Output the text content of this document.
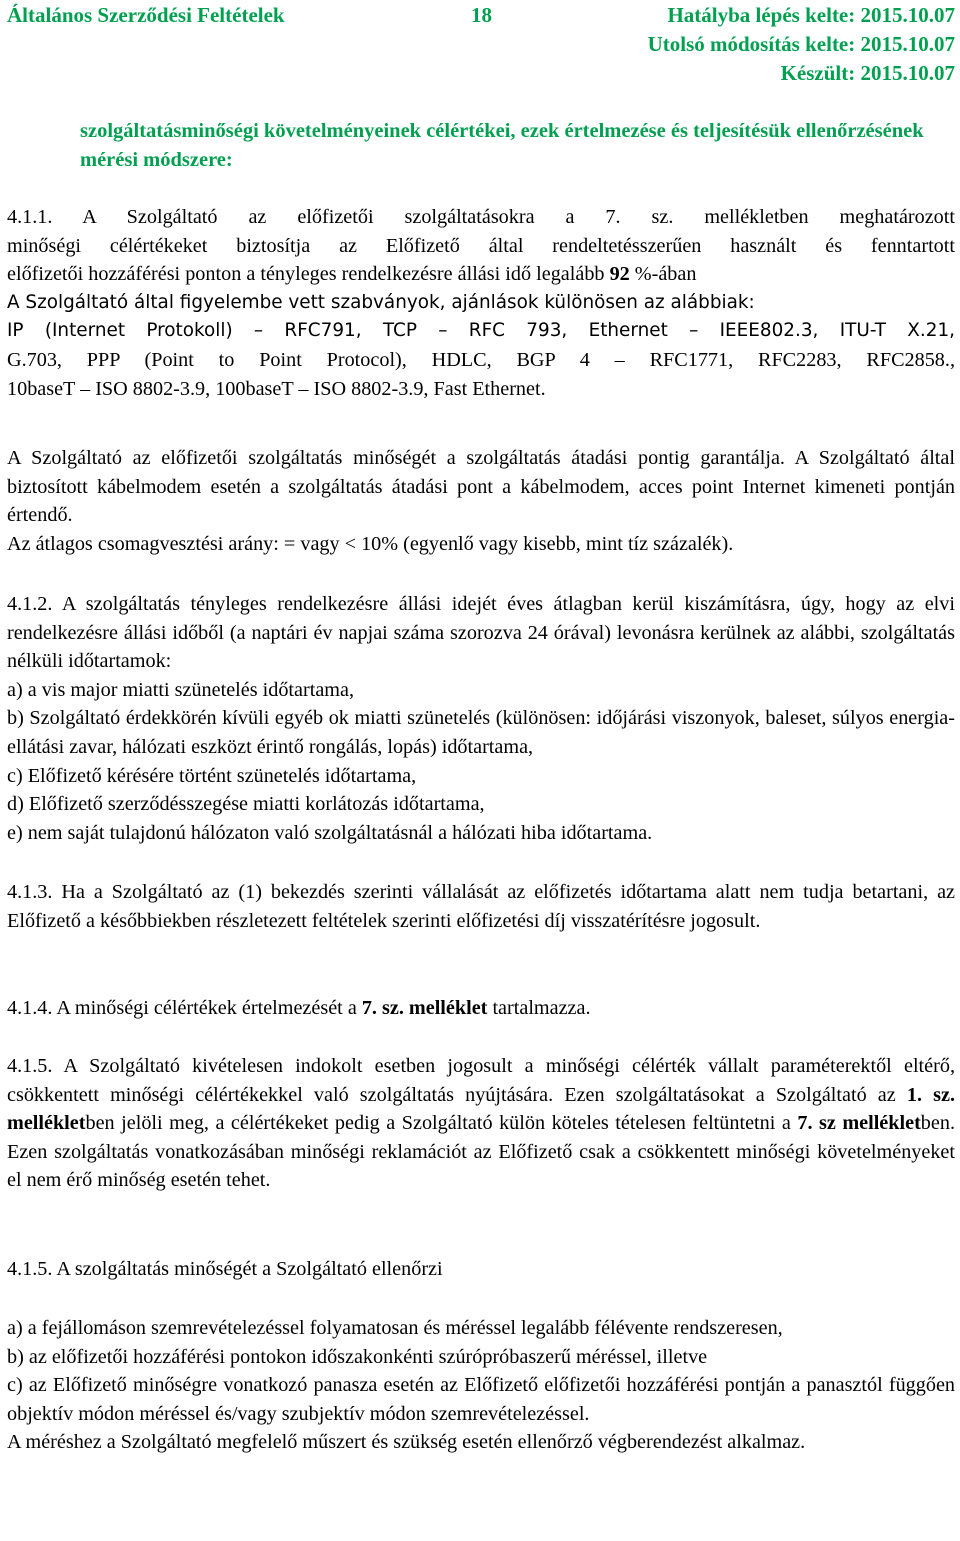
Általános Szerződési Feltételek	18	Hatályba lépés kelte: 2015.10.07
Utolsó módosítás kelte: 2015.10.07
Készült: 2015.10.07
szolgáltatásminőségi követelményeinek célértékei, ezek értelmezése és teljesítésük ellenőrzésének mérési módszere:
4.1.1. A Szolgáltató az előfizetői szolgáltatásokra a 7. sz. mellékletben meghatározott
minőségi célértékeket biztosítja az Előfizető által rendeltetésszerűen használt és fenntartott
előfizetői hozzáférési ponton a tényleges rendelkezésre állási idő legalább 92 %-ában
A Szolgáltató által figyelembe vett szabványok, ajánlások különösen az alábbiak:
IP (Internet Protokoll) – RFC791, TCP – RFC 793, Ethernet – IEEE802.3, ITU-T X.21,
G.703, PPP (Point to Point Protocol), HDLC, BGP 4 – RFC1771, RFC2283, RFC2858.,
10baseT – ISO 8802-3.9, 100baseT – ISO 8802-3.9, Fast Ethernet.

A Szolgáltató az előfizetői szolgáltatás minőségét a szolgáltatás átadási pontig garantálja. A Szolgáltató által biztosított kábelmodem esetén a szolgáltatás átadási pont a kábelmodem, acces point Internet kimeneti pontján értendő.

Az átlagos csomagvesztési arány: = vagy < 10% (egyenlő vagy kisebb, mint tíz százalék).

4.1.2. A szolgáltatás tényleges rendelkezésre állási idejét éves átlagban kerül kiszámításra, úgy, hogy az elvi rendelkezésre állási időből (a naptári év napjai száma szorozva 24 órával) levonásra kerülnek az alábbi, szolgáltatás nélküli időtartamok:

a) a vis major miatti szünetelés időtartama,

b) Szolgáltató érdekkörén kívüli egyéb ok miatti szünetelés (különösen: időjárási viszonyok, baleset, súlyos energia-ellátási zavar, hálózati eszközt érintő rongálás, lopás) időtartama,

c) Előfizető kérésére történt szünetelés időtartama,

d) Előfizető szerződésszegése miatti korlátozás időtartama,

e) nem saját tulajdonú hálózaton való szolgáltatásnál a hálózati hiba időtartama.

4.1.3. Ha a Szolgáltató az (1) bekezdés szerinti vállalását az előfizetés időtartama alatt nem tudja betartani, az Előfizető a későbbiekben részletezett feltételek szerinti előfizetési díj visszatérítésre jogosult.

4.1.4. A minőségi célértékek értelmezését a 7. sz. melléklet tartalmazza.

4.1.5. A Szolgáltató kivételesen indokolt esetben jogosult a minőségi célérték vállalt paraméterektől eltérő, csökkentett minőségi célértékekkel való szolgáltatás nyújtására. Ezen szolgáltatásokat a Szolgáltató az 1. sz. mellékletben jelöli meg, a célértékeket pedig a Szolgáltató külön köteles tételesen feltüntetni a 7. sz mellékletben. Ezen szolgáltatás vonatkozásában minőségi reklamációt az Előfizető csak a csökkentett minőségi követelményeket el nem érő minőség esetén tehet.

4.1.5. A szolgáltatás minőségét a Szolgáltató ellenőrzi

a) a fejállomáson szemrevételezéssel folyamatosan és méréssel legalább félévente rendszeresen,

b) az előfizetői hozzáférési pontokon időszakonkénti szúrópróbaszerű méréssel, illetve

c) az Előfizető minőségre vonatkozó panasza esetén az Előfizető előfizetői hozzáférési pontján a panasztól függően objektív módon méréssel és/vagy szubjektív módon szemrevételezéssel.

A méréshez a Szolgáltató megfelelő műszert és szükség esetén ellenőrző végberendezést alkalmaz.
